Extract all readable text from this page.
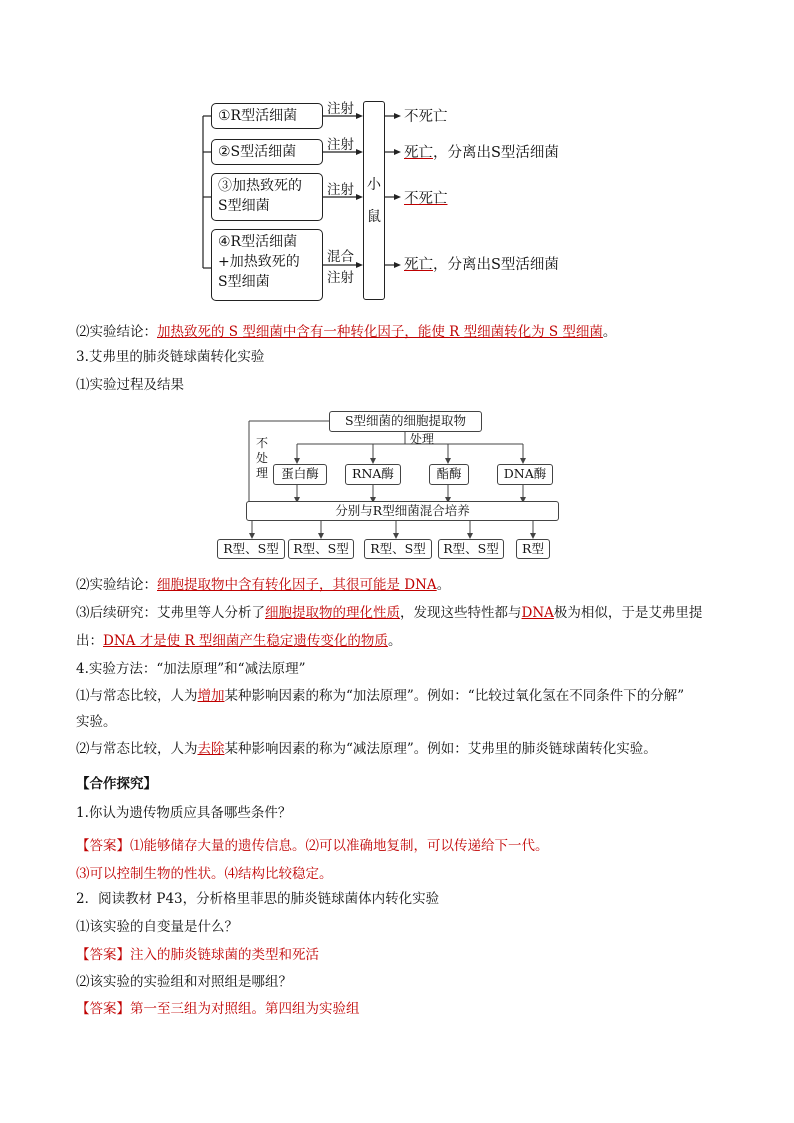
①R型活细菌
②S型活细菌
③加热致死的
S型细菌
④R型活细菌
+加热致死的
S型细菌
注射
注射
注射
混合
注射
小
鼠
不死亡
死亡，分离出S型活细菌
不死亡
死亡，分离出S型活细菌
⑵实验结论：加热致死的 S 型细菌中含有一种转化因子，能使 R 型细菌转化为 S 型细菌。
3.艾弗里的肺炎链球菌转化实验
⑴实验过程及结果
S型细菌的细胞提取物
处理
不
处
理	蛋白酶	RNA酶	酯酶	DNA酶
分别与R型细菌混合培养
R型、S型	R型、S型	R型、S型	R型、S型	R型
⑵实验结论：细胞提取物中含有转化因子，其很可能是 DNA。
⑶后续研究：艾弗里等人分析了细胞提取物的理化性质，发现这些特性都与DNA极为相似，于是艾弗里提
出：DNA 才是使 R 型细菌产生稳定遗传变化的物质。
4.实验方法：“加法原理”和“减法原理”
⑴与常态比较，人为增加某种影响因素的称为“加法原理”。例如：“比较过氧化氢在不同条件下的分解”
实验。
⑵与常态比较，人为去除某种影响因素的称为“减法原理”。例如：艾弗里的肺炎链球菌转化实验。
【合作探究】
1.你认为遗传物质应具备哪些条件？
【答案】⑴能够储存大量的遗传信息。⑵可以准确地复制，可以传递给下一代。
⑶可以控制生物的性状。⑷结构比较稳定。
2．阅读教材 P43，分析格里菲思的肺炎链球菌体内转化实验
⑴该实验的自变量是什么？
【答案】注入的肺炎链球菌的类型和死活
⑵该实验的实验组和对照组是哪组？
【答案】第一至三组为对照组。第四组为实验组
